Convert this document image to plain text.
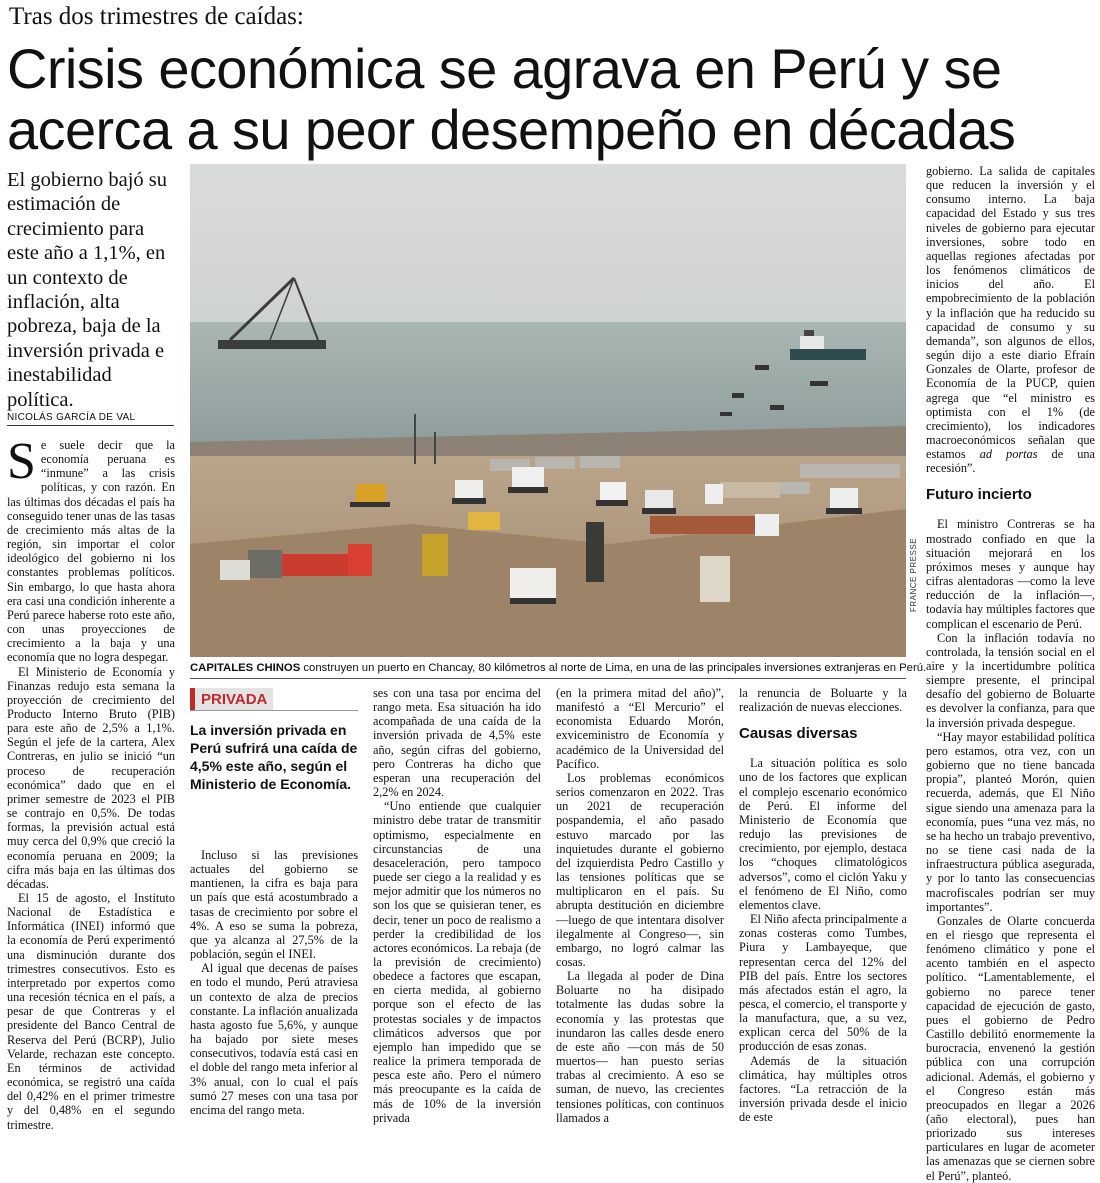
Tras dos trimestres de caídas:
Crisis económica se agrava en Perú y se acerca a su peor desempeño en décadas
El gobierno bajó su estimación de crecimiento para este año a 1,1%, en un contexto de inflación, alta pobreza, baja de la inversión privada e inestabilidad política.
NICOLÁS GARCÍA DE VAL

Se suele decir que la economía peruana es “inmune” a las crisis políticas, y con razón. En las últimas dos décadas el país ha conseguido tener unas de las tasas de crecimiento más altas de la región, sin importar el color ideológico del gobierno ni los constantes problemas políticos. Sin embargo, lo que hasta ahora era casi una condición inherente a Perú parece haberse roto este año, con unas proyecciones de crecimiento a la baja y una economía que no logra despegar.

El Ministerio de Economía y Finanzas redujo esta semana la proyección de crecimiento del Producto Interno Bruto (PIB) para este año de 2,5% a 1,1%. Según el jefe de la cartera, Alex Contreras, en julio se inició “un proceso de recuperación económica” dado que en el primer semestre de 2023 el PIB se contrajo en 0,5%. De todas formas, la previsión actual está muy cerca del 0,9% que creció la economía peruana en 2009; la cifra más baja en las últimas dos décadas.

El 15 de agosto, el Instituto Nacional de Estadística e Informática (INEI) informó que la economía de Perú experimentó una disminución durante dos trimestres consecutivos. Esto es interpretado por expertos como una recesión técnica en el país, a pesar de que Contreras y el presidente del Banco Central de Reserva del Perú (BCRP), Julio Velarde, rechazan este concepto. En términos de actividad económica, se registró una caída del 0,42% en el primer trimestre y del 0,48% en el segundo trimestre.

FRANCE PRESSE
CAPITALES CHINOS construyen un puerto en Chancay, 80 kilómetros al norte de Lima, en una de las principales inversiones extranjeras en Perú.
PRIVADA
La inversión privada en Perú sufrirá una caída de 4,5% este año, según el Ministerio de Economía.

Incluso si las previsiones actuales del gobierno se mantienen, la cifra es baja para un país que está acostumbrado a tasas de crecimiento por sobre el 4%. A eso se suma la pobreza, que ya alcanza al 27,5% de la población, según el INEI.

Al igual que decenas de países en todo el mundo, Perú atraviesa un contexto de alza de precios constante. La inflación anualizada hasta agosto fue 5,6%, y aunque ha bajado por siete meses consecutivos, todavía está casi en el doble del rango meta inferior al 3% anual, con lo cual el país sumó 27 meses con una tasa por encima del rango meta.

ses con una tasa por encima del rango meta. Esa situación ha ido acompañada de una caída de la inversión privada de 4,5% este año, según cifras del gobierno, pero Contreras ha dicho que esperan una recuperación del 2,2% en 2024.

“Uno entiende que cualquier ministro debe tratar de transmitir optimismo, especialmente en circunstancias de una desaceleración, pero tampoco puede ser ciego a la realidad y es mejor admitir que los números no son los que se quisieran tener, es decir, tener un poco de realismo a perder la credibilidad de los actores económicos. La rebaja (de la previsión de crecimiento) obedece a factores que escapan, en cierta medida, al gobierno porque son el efecto de las protestas sociales y de impactos climáticos adversos que por ejemplo han impedido que se realice la primera temporada de pesca este año. Pero el número más preocupante es la caída de más de 10% de la inversión privada

(en la primera mitad del año)”, manifestó a “El Mercurio” el economista Eduardo Morón, exviceministro de Economía y académico de la Universidad del Pacífico.

Los problemas económicos serios comenzaron en 2022. Tras un 2021 de recuperación pospandemia, el año pasado estuvo marcado por las inquietudes durante el gobierno del izquierdista Pedro Castillo y las tensiones políticas que se multiplicaron en el país. Su abrupta destitución en diciembre —luego de que intentara disolver ilegalmente al Congreso—, sin embargo, no logró calmar las cosas.

La llegada al poder de Dina Boluarte no ha disipado totalmente las dudas sobre la economía y las protestas que inundaron las calles desde enero de este año —con más de 50 muertos— han puesto serias trabas al crecimiento. A eso se suman, de nuevo, las crecientes tensiones políticas, con continuos llamados a

la renuncia de Boluarte y la realización de nuevas elecciones.

Causas diversas

La situación política es solo uno de los factores que explican el complejo escenario económico de Perú. El informe del Ministerio de Economía que redujo las previsiones de crecimiento, por ejemplo, destaca los “choques climatológicos adversos”, como el ciclón Yaku y el fenómeno de El Niño, como elementos clave.

El Niño afecta principalmente a zonas costeras como Tumbes, Piura y Lambayeque, que representan cerca del 12% del PIB del país. Entre los sectores más afectados están el agro, la pesca, el comercio, el transporte y la manufactura, que, a su vez, explican cerca del 50% de la producción de esas zonas.

Además de la situación climática, hay múltiples otros factores. “La retracción de la inversión privada desde el inicio de este

gobierno. La salida de capitales que reducen la inversión y el consumo interno. La baja capacidad del Estado y sus tres niveles de gobierno para ejecutar inversiones, sobre todo en aquellas regiones afectadas por los fenómenos climáticos de inicios del año. El empobrecimiento de la población y la inflación que ha reducido su capacidad de consumo y su demanda”, son algunos de ellos, según dijo a este diario Efraín Gonzales de Olarte, profesor de Economía de la PUCP, quien agrega que “el ministro es optimista con el 1% (de crecimiento), los indicadores macroeconómicos señalan que estamos ad portas de una recesión”.

Futuro incierto

El ministro Contreras se ha mostrado confiado en que la situación mejorará en los próximos meses y aunque hay cifras alentadoras —como la leve reducción de la inflación—, todavía hay múltiples factores que complican el escenario de Perú.

Con la inflación todavía no controlada, la tensión social en el aire y la incertidumbre política siempre presente, el principal desafío del gobierno de Boluarte es devolver la confianza, para que la inversión privada despegue.

“Hay mayor estabilidad política pero estamos, otra vez, con un gobierno que no tiene bancada propia”, planteó Morón, quien recuerda, además, que El Niño sigue siendo una amenaza para la economía, pues “una vez más, no se ha hecho un trabajo preventivo, no se tiene casi nada de la infraestructura pública asegurada, y por lo tanto las consecuencias macrofiscales podrían ser muy importantes”.

Gonzales de Olarte concuerda en el riesgo que representa el fenómeno climático y pone el acento también en el aspecto político. “Lamentablemente, el gobierno no parece tener capacidad de ejecución de gasto, pues el gobierno de Pedro Castillo debilitó enormemente la burocracia, envenenó la gestión pública con una corrupción adicional. Además, el gobierno y el Congreso están más preocupados en llegar a 2026 (año electoral), pues han priorizado sus intereses particulares en lugar de acometer las amenazas que se ciernen sobre el Perú”, planteó.
